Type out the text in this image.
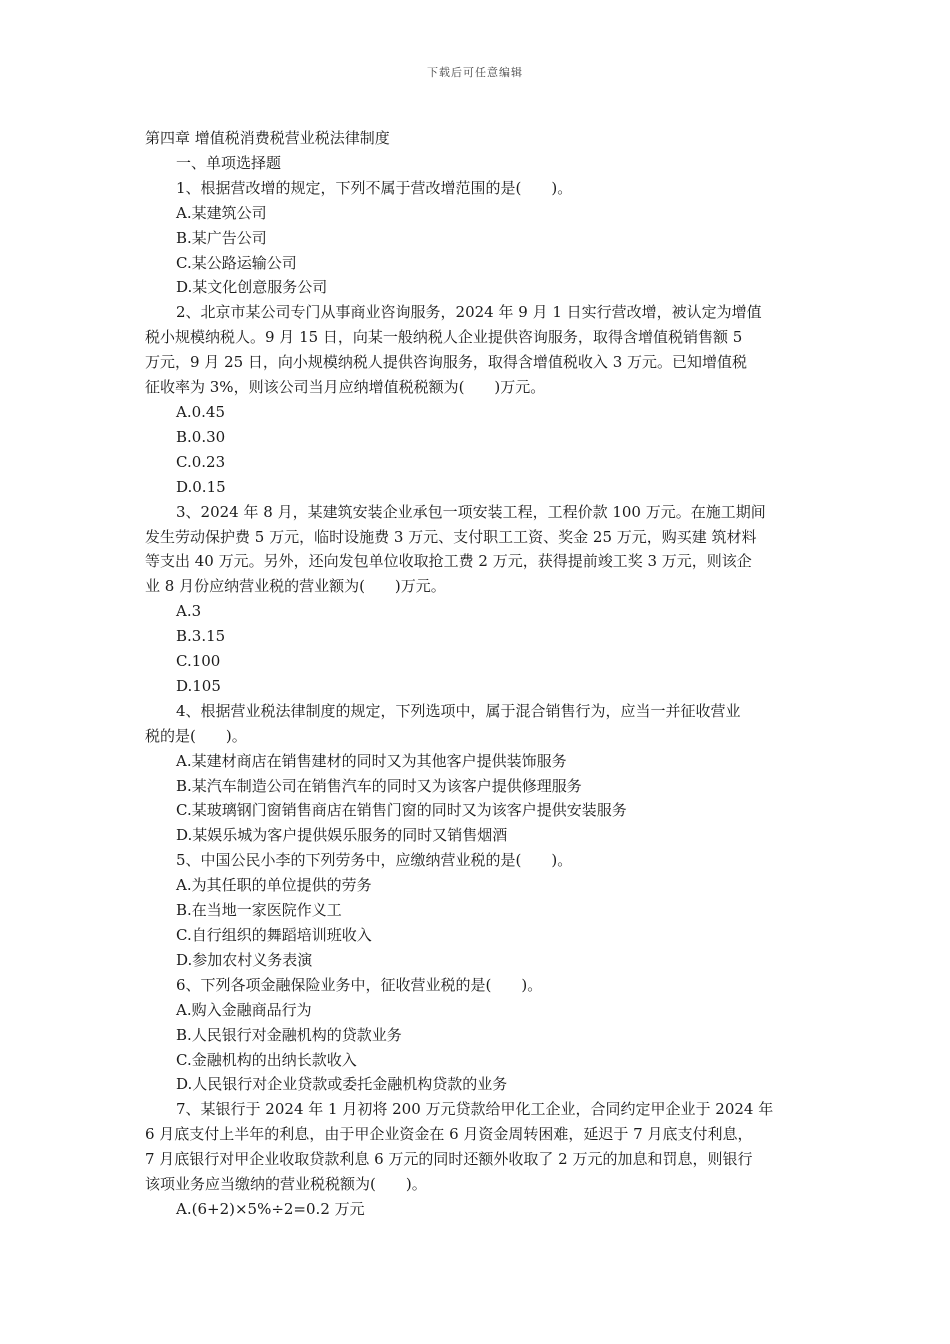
下载后可任意编辑
第四章 增值税消费税营业税法律制度
一、单项选择题
1、根据营改增的规定，下列不属于营改增范围的是(　　)。
A.某建筑公司
B.某广告公司
C.某公路运输公司
D.某文化创意服务公司
2、北京市某公司专门从事商业咨询服务，2024 年 9 月 1 日实行营改增，被认定为增值
税小规模纳税人。9 月 15 日，向某一般纳税人企业提供咨询服务，取得含增值税销售额 5
万元，9 月 25 日，向小规模纳税人提供咨询服务，取得含增值税收入 3 万元。已知增值税
征收率为 3%，则该公司当月应纳增值税税额为(　　)万元。
A.0.45
B.0.30
C.0.23
D.0.15
3、2024 年 8 月，某建筑安装企业承包一项安装工程，工程价款 100 万元。在施工期间
发生劳动保护费 5 万元，临时设施费 3 万元、支付职工工资、奖金 25 万元，购买建 筑材料
等支出 40 万元。另外，还向发包单位收取抢工费 2 万元，获得提前竣工奖 3 万元，则该企
业 8 月份应纳营业税的营业额为(　　)万元。
A.3
B.3.15
C.100
D.105
4、根据营业税法律制度的规定，下列选项中，属于混合销售行为，应当一并征收营业
税的是(　　)。
A.某建材商店在销售建材的同时又为其他客户提供装饰服务
B.某汽车制造公司在销售汽车的同时又为该客户提供修理服务
C.某玻璃钢门窗销售商店在销售门窗的同时又为该客户提供安装服务
D.某娱乐城为客户提供娱乐服务的同时又销售烟酒
5、中国公民小李的下列劳务中，应缴纳营业税的是(　　)。
A.为其任职的单位提供的劳务
B.在当地一家医院作义工
C.自行组织的舞蹈培训班收入
D.参加农村义务表演
6、下列各项金融保险业务中，征收营业税的是(　　)。
A.购入金融商品行为
B.人民银行对金融机构的贷款业务
C.金融机构的出纳长款收入
D.人民银行对企业贷款或委托金融机构贷款的业务
7、某银行于 2024 年 1 月初将 200 万元贷款给甲化工企业，合同约定甲企业于 2024 年
6 月底支付上半年的利息，由于甲企业资金在 6 月资金周转困难，延迟于 7 月底支付利息，
7 月底银行对甲企业收取贷款利息 6 万元的同时还额外收取了 2 万元的加息和罚息，则银行
该项业务应当缴纳的营业税税额为(　　)。
A.(6+2)×5%÷2=0.2 万元
